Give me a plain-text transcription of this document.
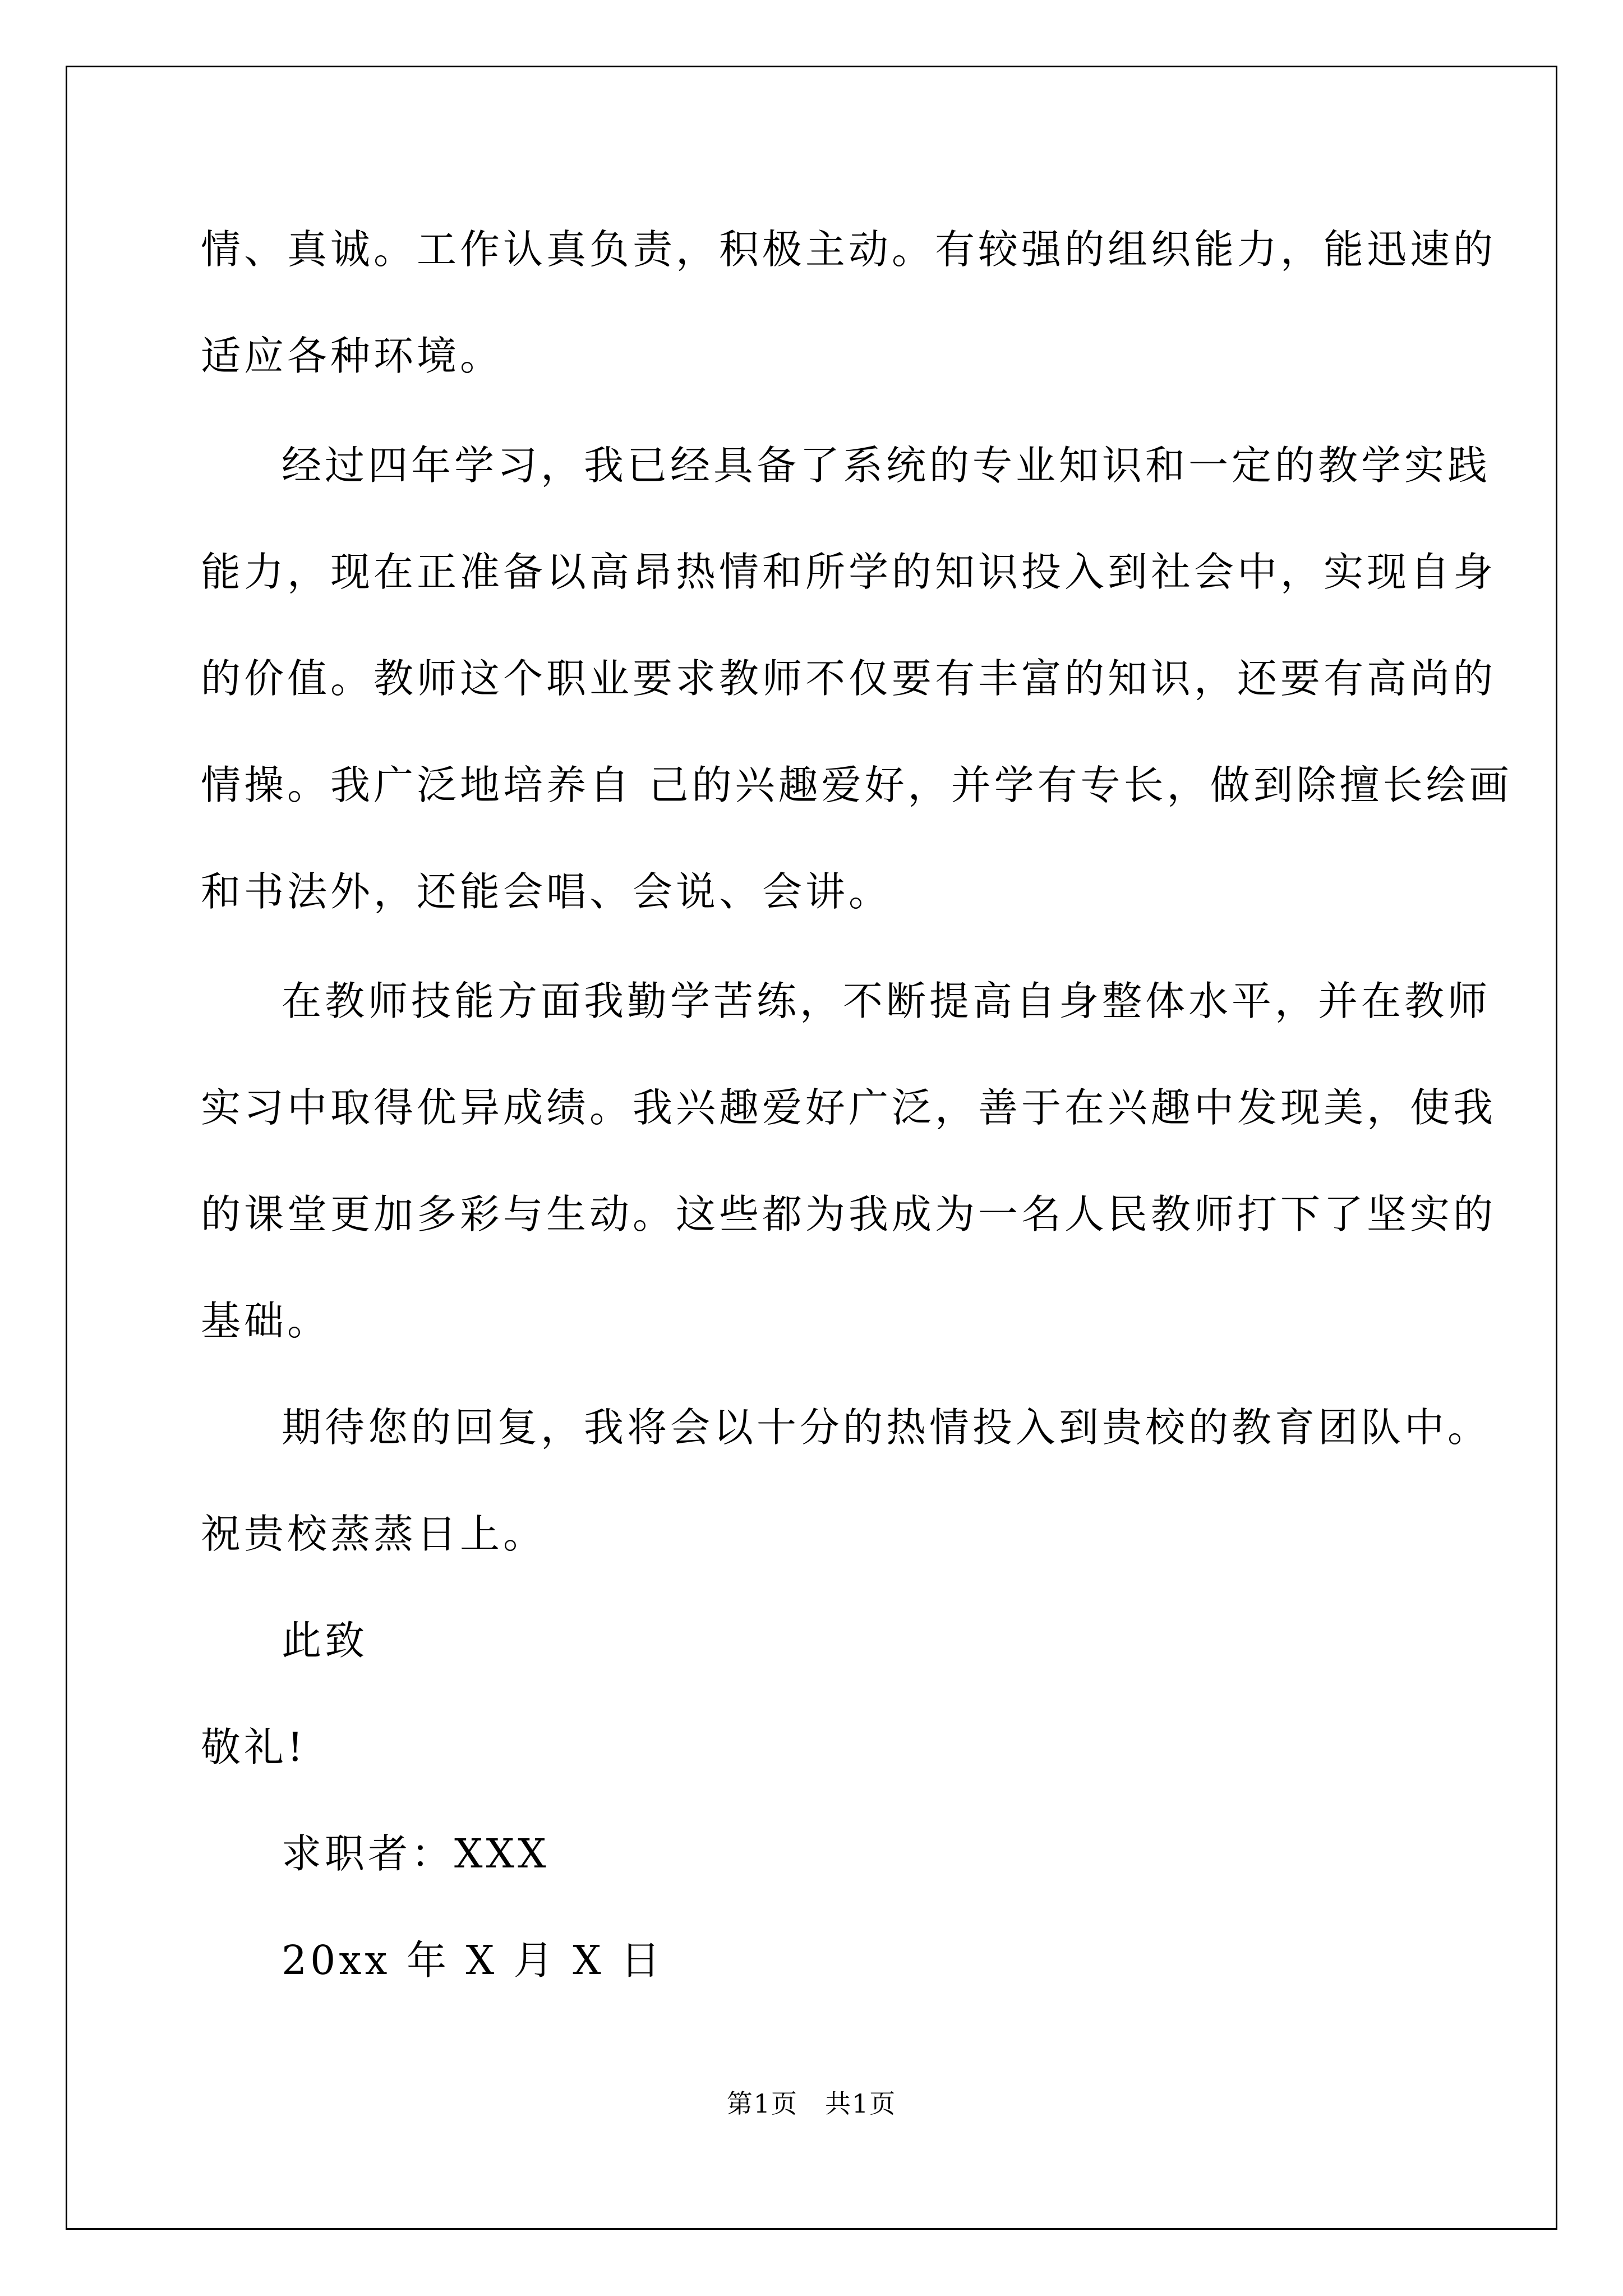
情、真诚。工作认真负责，积极主动。有较强的组织能力，能迅速的
适应各种环境。
经过四年学习，我已经具备了系统的专业知识和一定的教学实践
能力，现在正准备以高昂热情和所学的知识投入到社会中，实现自身
的价值。教师这个职业要求教师不仅要有丰富的知识，还要有高尚的
情操。我广泛地培养自 己的兴趣爱好，并学有专长，做到除擅长绘画
和书法外，还能会唱、会说、会讲。
在教师技能方面我勤学苦练，不断提高自身整体水平，并在教师
实习中取得优异成绩。我兴趣爱好广泛，善于在兴趣中发现美，使我
的课堂更加多彩与生动。这些都为我成为一名人民教师打下了坚实的
基础。
期待您的回复，我将会以十分的热情投入到贵校的教育团队中。
祝贵校蒸蒸日上。
此致
敬礼!
求职者：XXX
20xx 年 X 月 X 日
第1页　共1页
